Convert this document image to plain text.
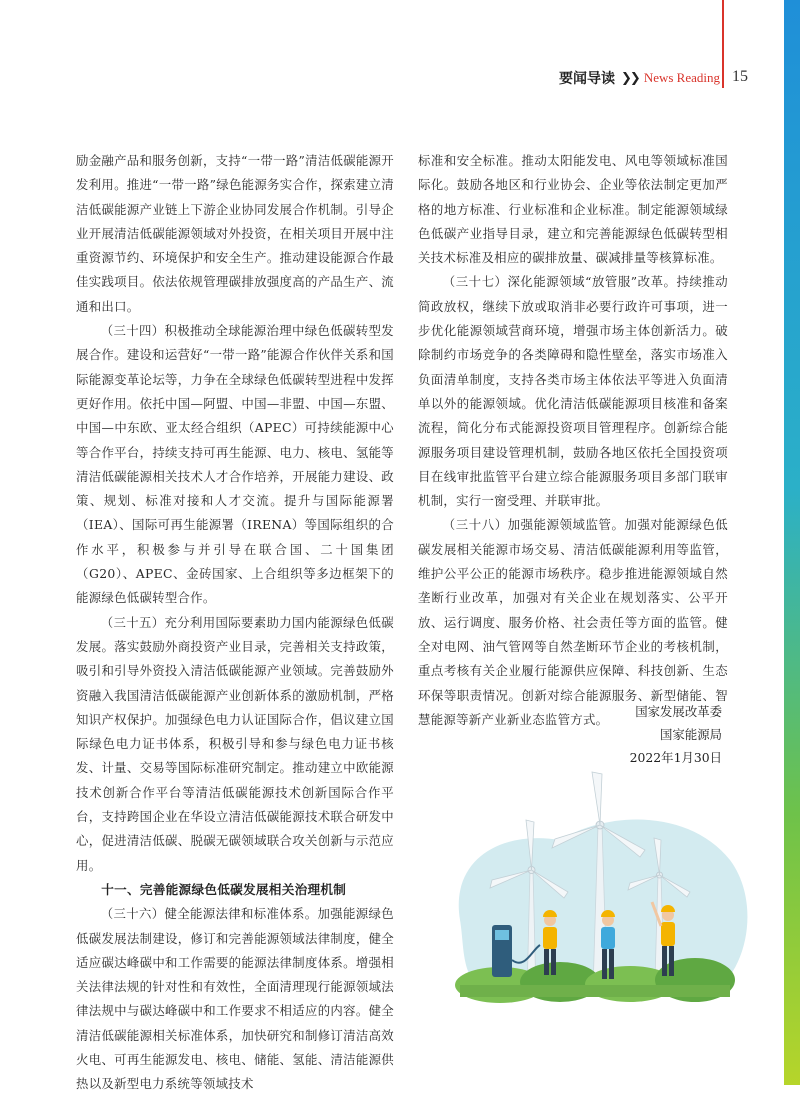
要闻导读 ❯❯ News Reading 15

励金融产品和服务创新，支持“一带一路”清洁低碳能源开发利用。推进“一带一路”绿色能源务实合作，探索建立清洁低碳能源产业链上下游企业协同发展合作机制。引导企业开展清洁低碳能源领域对外投资，在相关项目开展中注重资源节约、环境保护和安全生产。推动建设能源合作最佳实践项目。依法依规管理碳排放强度高的产品生产、流通和出口。

（三十四）积极推动全球能源治理中绿色低碳转型发展合作。建设和运营好“一带一路”能源合作伙伴关系和国际能源变革论坛等，力争在全球绿色低碳转型进程中发挥更好作用。依托中国—阿盟、中国—非盟、中国—东盟、中国—中东欧、亚太经合组织（APEC）可持续能源中心等合作平台，持续支持可再生能源、电力、核电、氢能等清洁低碳能源相关技术人才合作培养，开展能力建设、政策、规划、标准对接和人才交流。提升与国际能源署（IEA）、国际可再生能源署（IRENA）等国际组织的合作水平，积极参与并引导在联合国、二十国集团（G20）、APEC、金砖国家、上合组织等多边框架下的能源绿色低碳转型合作。

（三十五）充分利用国际要素助力国内能源绿色低碳发展。落实鼓励外商投资产业目录，完善相关支持政策，吸引和引导外资投入清洁低碳能源产业领域。完善鼓励外资融入我国清洁低碳能源产业创新体系的激励机制，严格知识产权保护。加强绿色电力认证国际合作，倡议建立国际绿色电力证书体系，积极引导和参与绿色电力证书核发、计量、交易等国际标准研究制定。推动建立中欧能源技术创新合作平台等清洁低碳能源技术创新国际合作平台，支持跨国企业在华设立清洁低碳能源技术联合研发中心，促进清洁低碳、脱碳无碳领域联合攻关创新与示范应用。

十一、完善能源绿色低碳发展相关治理机制

（三十六）健全能源法律和标准体系。加强能源绿色低碳发展法制建设，修订和完善能源领域法律制度，健全适应碳达峰碳中和工作需要的能源法律制度体系。增强相关法律法规的针对性和有效性，全面清理现行能源领域法律法规中与碳达峰碳中和工作要求不相适应的内容。健全清洁低碳能源相关标准体系，加快研究和制修订清洁高效火电、可再生能源发电、核电、储能、氢能、清洁能源供热以及新型电力系统等领域技术

标准和安全标准。推动太阳能发电、风电等领域标准国际化。鼓励各地区和行业协会、企业等依法制定更加严格的地方标准、行业标准和企业标准。制定能源领域绿色低碳产业指导目录，建立和完善能源绿色低碳转型相关技术标准及相应的碳排放量、碳减排量等核算标准。

（三十七）深化能源领域“放管服”改革。持续推动简政放权，继续下放或取消非必要行政许可事项，进一步优化能源领域营商环境，增强市场主体创新活力。破除制约市场竞争的各类障碍和隐性壁垒，落实市场准入负面清单制度，支持各类市场主体依法平等进入负面清单以外的能源领域。优化清洁低碳能源项目核准和备案流程，简化分布式能源投资项目管理程序。创新综合能源服务项目建设管理机制，鼓励各地区依托全国投资项目在线审批监管平台建立综合能源服务项目多部门联审机制，实行一窗受理、并联审批。

（三十八）加强能源领域监管。加强对能源绿色低碳发展相关能源市场交易、清洁低碳能源利用等监管，维护公平公正的能源市场秩序。稳步推进能源领域自然垄断行业改革，加强对有关企业在规划落实、公平开放、运行调度、服务价格、社会责任等方面的监管。健全对电网、油气管网等自然垄断环节企业的考核机制，重点考核有关企业履行能源供应保障、科技创新、生态环保等职责情况。创新对综合能源服务、新型储能、智慧能源等新产业新业态监管方式。

国家发展改革委
国家能源局
2022年1月30日
